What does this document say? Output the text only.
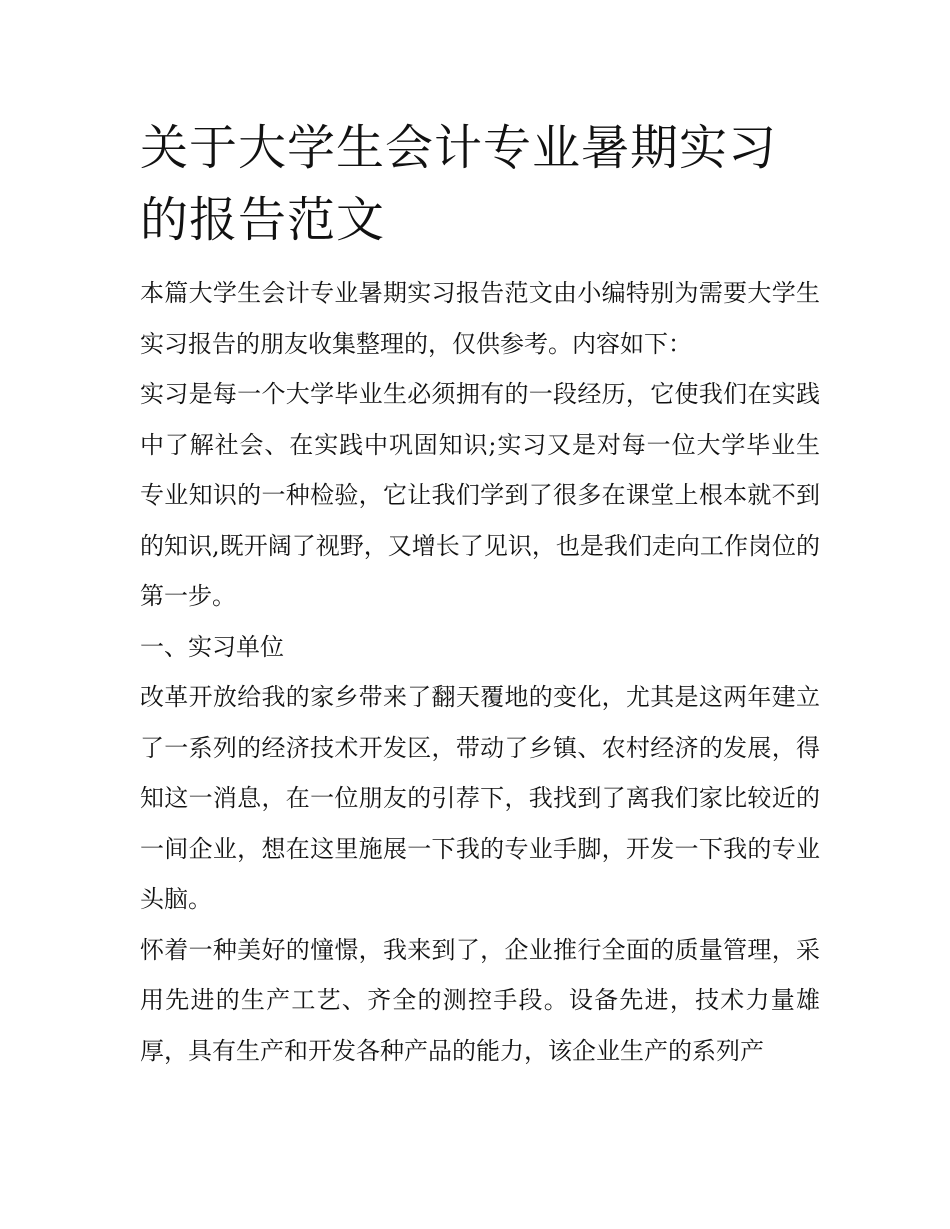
关于大学生会计专业暑期实习的报告范文

本篇大学生会计专业暑期实习报告范文由小编特别为需要大学生实习报告的朋友收集整理的，仅供参考。内容如下：

实习是每一个大学毕业生必须拥有的一段经历，它使我们在实践中了解社会、在实践中巩固知识;实习又是对每一位大学毕业生专业知识的一种检验，它让我们学到了很多在课堂上根本就不到的知识,既开阔了视野，又增长了见识，也是我们走向工作岗位的第一步。

一、实习单位

改革开放给我的家乡带来了翻天覆地的变化，尤其是这两年建立了一系列的经济技术开发区，带动了乡镇、农村经济的发展，得知这一消息，在一位朋友的引荐下，我找到了离我们家比较近的一间企业，想在这里施展一下我的专业手脚，开发一下我的专业头脑。

怀着一种美好的憧憬，我来到了，企业推行全面的质量管理，采用先进的生产工艺、齐全的测控手段。设备先进，技术力量雄厚，具有生产和开发各种产品的能力，该企业生产的系列产
